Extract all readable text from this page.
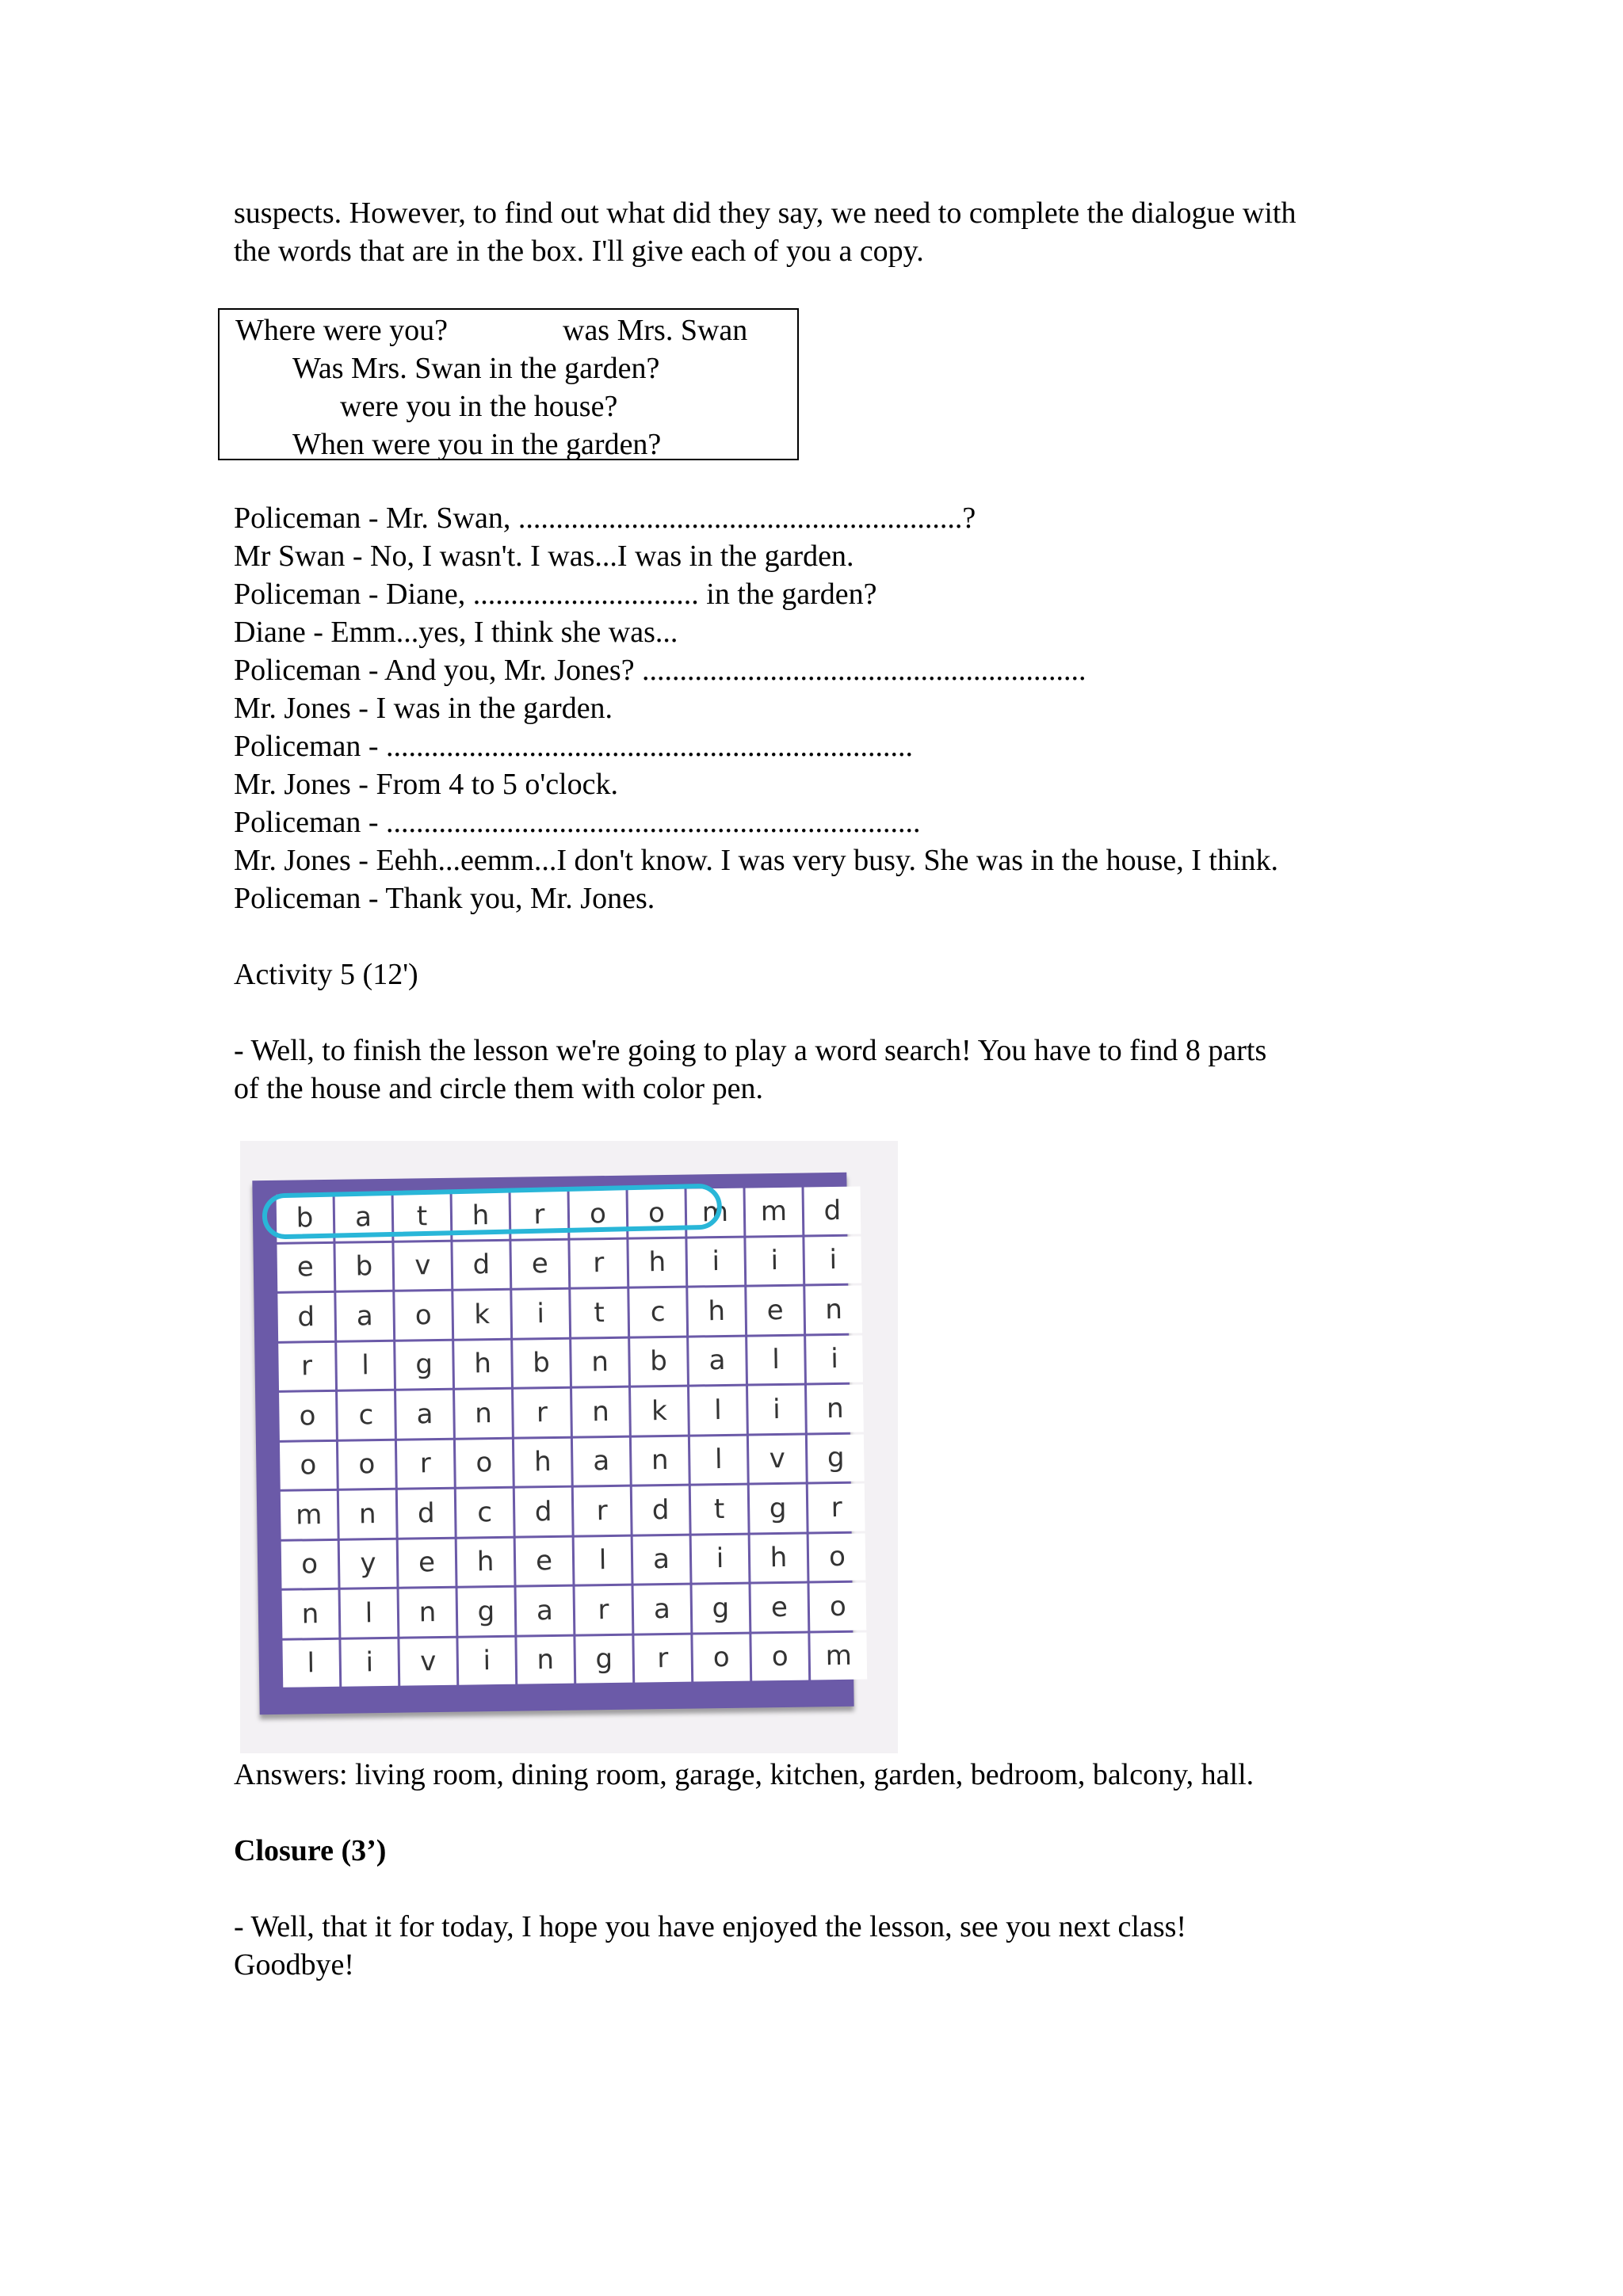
suspects. However, to find out what did they say, we need to complete the dialogue with

the words that are in the box. I'll give each of you a copy.

Where were you?	was Mrs. Swan
Was Mrs. Swan in the garden?
were you in the house?
When were you in the garden?

Policeman - Mr. Swan, ...........................................................?

Mr Swan - No, I wasn't. I was...I was in the garden.

Policeman - Diane, .............................. in the garden?

Diane - Emm...yes, I think she was...

Policeman - And you, Mr. Jones? ...........................................................

Mr. Jones - I was in the garden.

Policeman - ......................................................................

Mr. Jones - From 4 to 5 o'clock.

Policeman - .......................................................................

Mr. Jones - Eehh...eemm...I don't know. I was very busy. She was in the house, I think.

Policeman - Thank you, Mr. Jones.

Activity 5 (12')

- Well, to finish the lesson we're going to play a word search! You have to find 8 parts

of the house and circle them with color pen.

b	a	t	h	r	o	o	m	m	d
e	b	v	d	e	r	h	i	i	i
d	a	o	k	i	t	c	h	e	n
r	l	g	h	b	n	b	a	l	i
o	c	a	n	r	n	k	l	i	n
o	o	r	o	h	a	n	l	v	g
m	n	d	c	d	r	d	t	g	r
o	y	e	h	e	l	a	i	h	o
n	l	n	g	a	r	a	g	e	o
l	i	v	i	n	g	r	o	o	m

Answers: living room, dining room, garage, kitchen, garden, bedroom, balcony, hall.

Closure (3’)

- Well, that it for today, I hope you have enjoyed the lesson, see you next class!

Goodbye!
